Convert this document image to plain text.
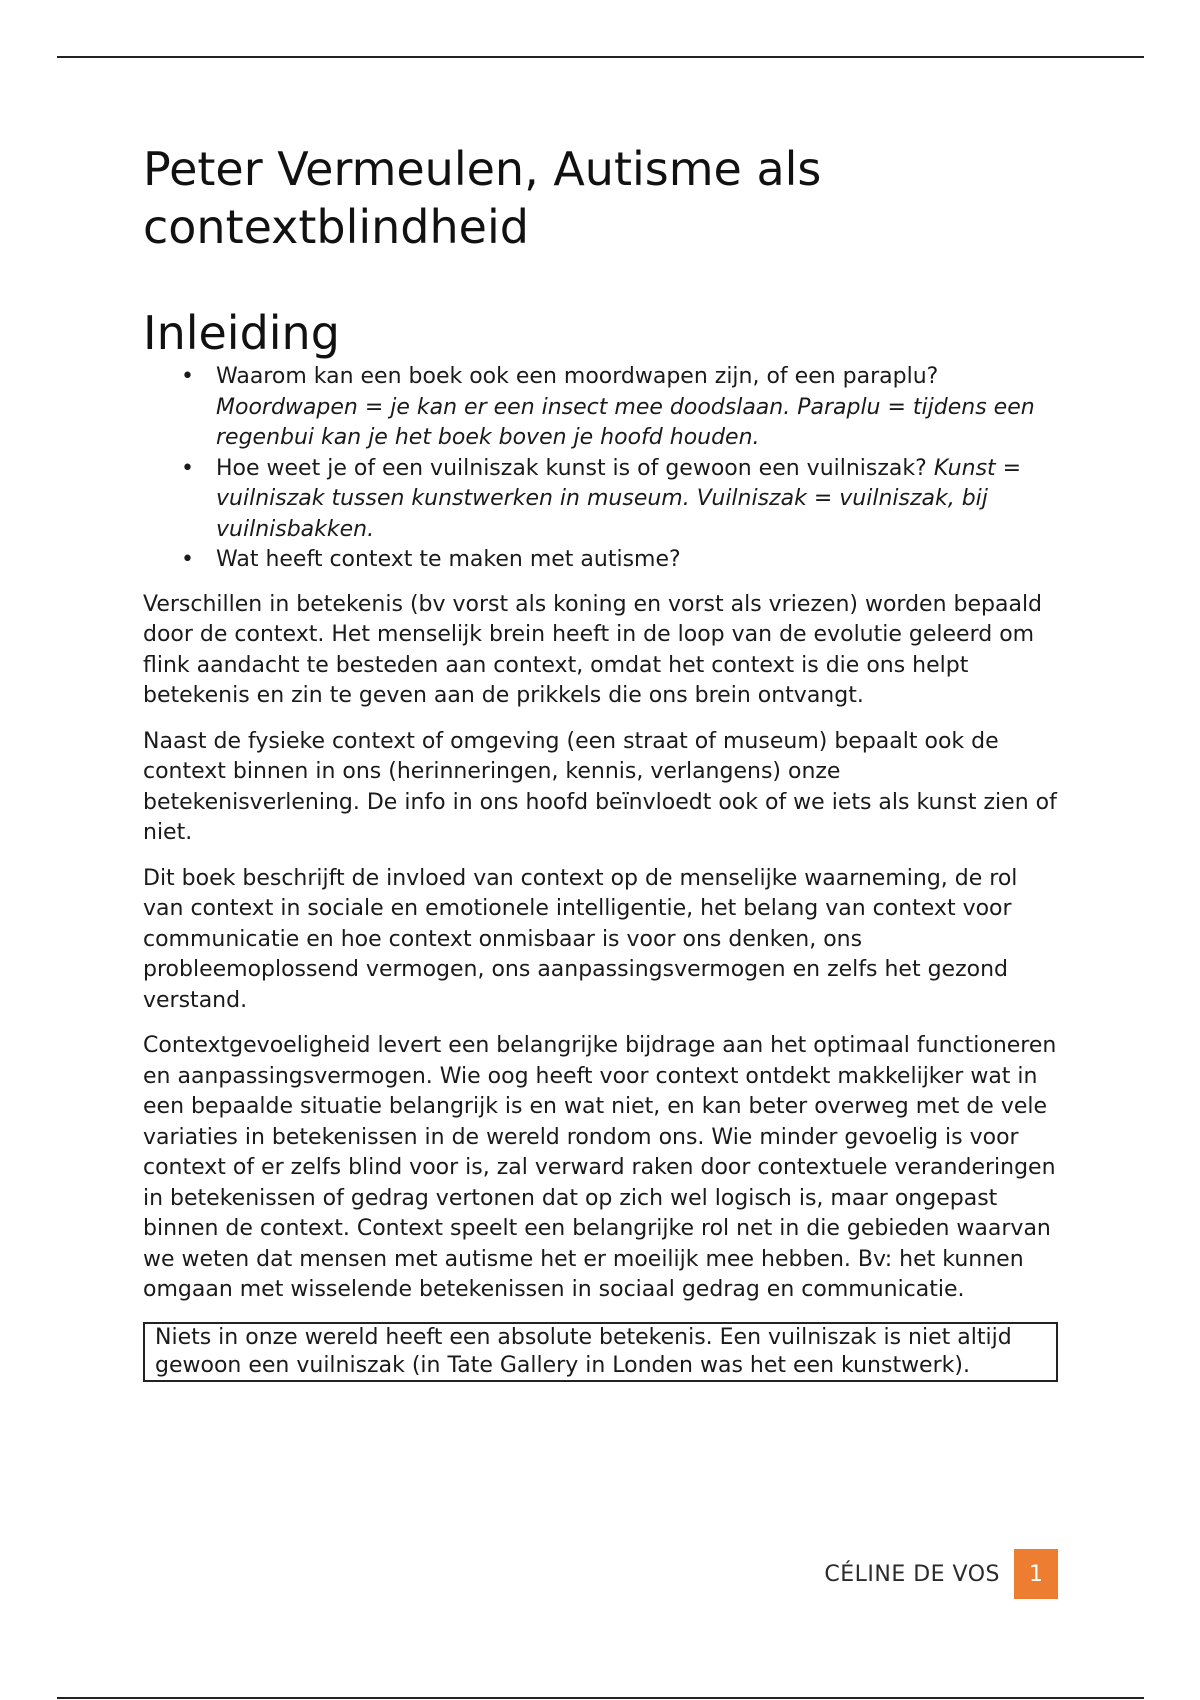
Peter Vermeulen, Autisme als contextblindheid
Inleiding
• Waarom kan een boek ook een moordwapen zijn, of een paraplu? Moordwapen = je kan er een insect mee doodslaan. Paraplu = tijdens een regenbui kan je het boek boven je hoofd houden.
• Hoe weet je of een vuilniszak kunst is of gewoon een vuilniszak? Kunst = vuilniszak tussen kunstwerken in museum. Vuilniszak = vuilniszak, bij vuilnisbakken.
• Wat heeft context te maken met autisme?

Verschillen in betekenis (bv vorst als koning en vorst als vriezen) worden bepaald door de context. Het menselijk brein heeft in de loop van de evolutie geleerd om flink aandacht te besteden aan context, omdat het context is die ons helpt betekenis en zin te geven aan de prikkels die ons brein ontvangt.

Naast de fysieke context of omgeving (een straat of museum) bepaalt ook de context binnen in ons (herinneringen, kennis, verlangens) onze betekenisverlening. De info in ons hoofd beïnvloedt ook of we iets als kunst zien of niet.

Dit boek beschrijft de invloed van context op de menselijke waarneming, de rol van context in sociale en emotionele intelligentie, het belang van context voor communicatie en hoe context onmisbaar is voor ons denken, ons probleemoplossend vermogen, ons aanpassingsvermogen en zelfs het gezond verstand.

Contextgevoeligheid levert een belangrijke bijdrage aan het optimaal functioneren en aanpassingsvermogen. Wie oog heeft voor context ontdekt makkelijker wat in een bepaalde situatie belangrijk is en wat niet, en kan beter overweg met de vele variaties in betekenissen in de wereld rondom ons. Wie minder gevoelig is voor context of er zelfs blind voor is, zal verward raken door contextuele veranderingen in betekenissen of gedrag vertonen dat op zich wel logisch is, maar ongepast binnen de context. Context speelt een belangrijke rol net in die gebieden waarvan we weten dat mensen met autisme het er moeilijk mee hebben. Bv: het kunnen omgaan met wisselende betekenissen in sociaal gedrag en communicatie.

Niets in onze wereld heeft een absolute betekenis. Een vuilniszak is niet altijd gewoon een vuilniszak (in Tate Gallery in Londen was het een kunstwerk).
CÉLINE DE VOS	1
